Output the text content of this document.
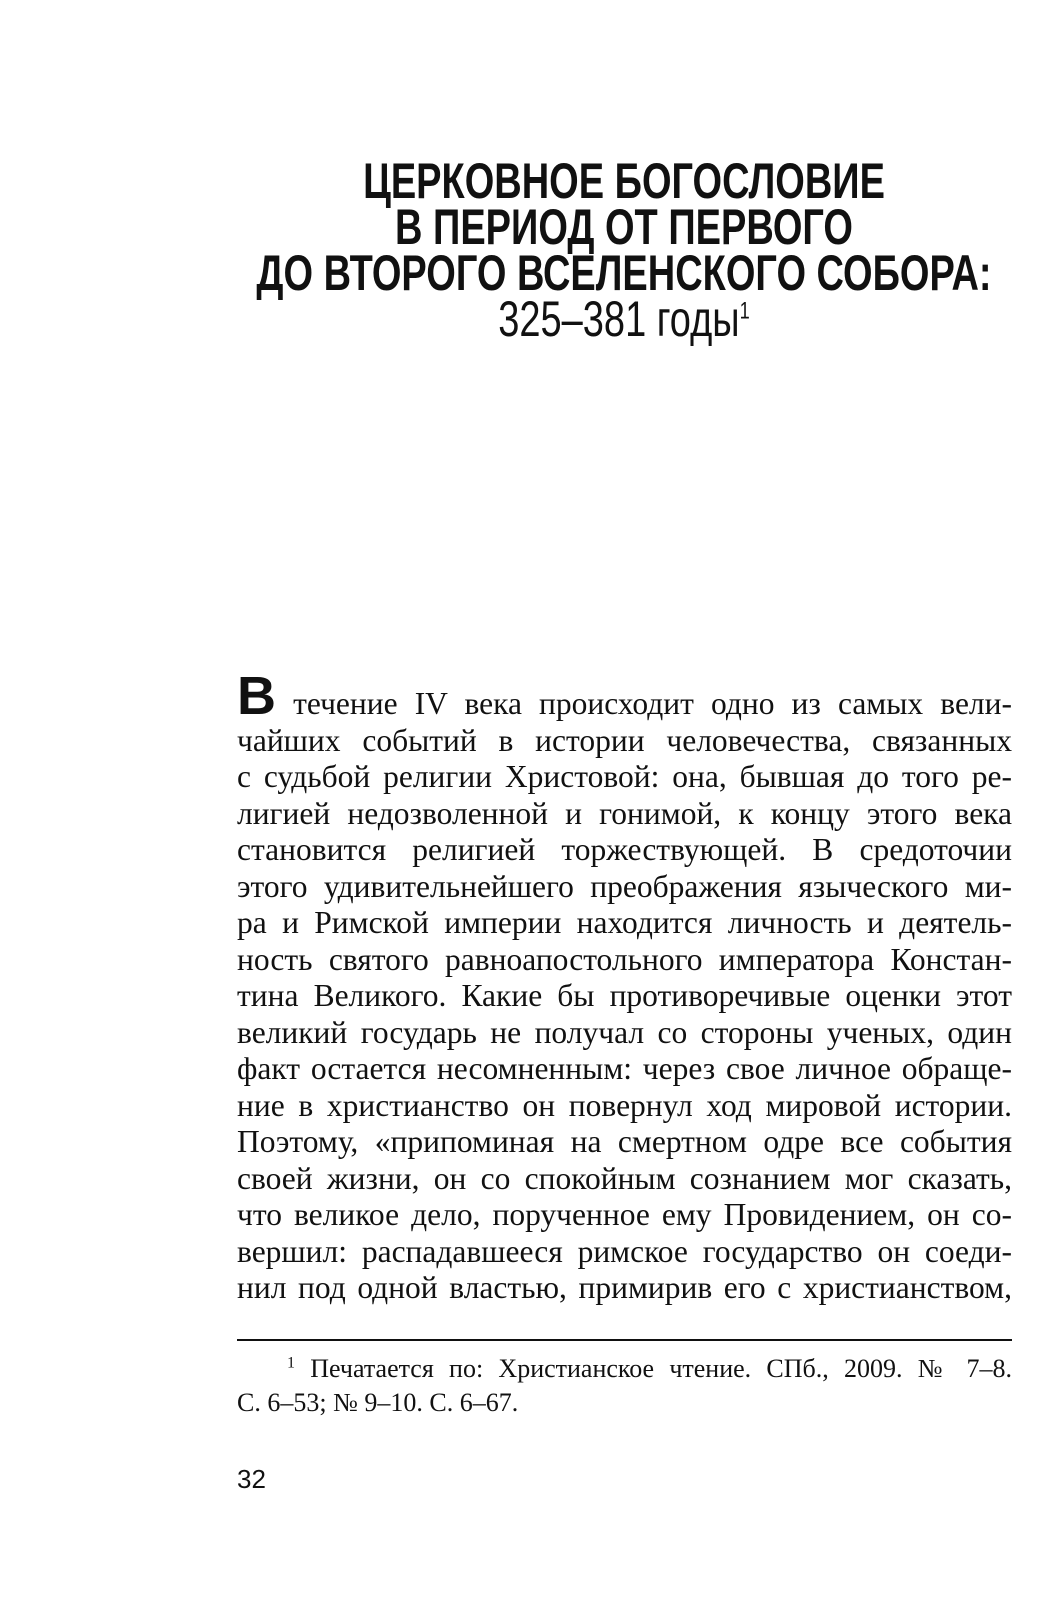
ЦЕРКОВНОЕ БОГОСЛОВИЕ
В ПЕРИОД ОТ ПЕРВОГО
ДО ВТОРОГО ВСЕЛЕНСКОГО СОБОРА:
325–381 годы$^1$
В течение IV века происходит одно из самых вели-
чайших событий в истории человечества, связанных
с судьбой религии Христовой: она, бывшая до того ре-
лигией недозволенной и гонимой, к концу этого века
становится религией торжествующей. В средоточии
этого удивительнейшего преображения языческого ми-
ра и Римской империи находится личность и деятель-
ность святого равноапостольного императора Констан-
тина Великого. Какие бы противоречивые оценки этот
великий государь не получал со стороны ученых, один
факт остается несомненным: через свое личное обраще-
ние в христианство он повернул ход мировой истории.
Поэтому, «припоминая на смертном одре все события
своей жизни, он со спокойным сознанием мог сказать,
что великое дело, порученное ему Провидением, он со-
вершил: распадавшееся римское государство он соеди-
нил под одной властью, примирив его с христианством,
$^1$ Печатается по: Христианское чтение. СПб., 2009. № 7–8.
С. 6–53; № 9–10. С. 6–67.
32
